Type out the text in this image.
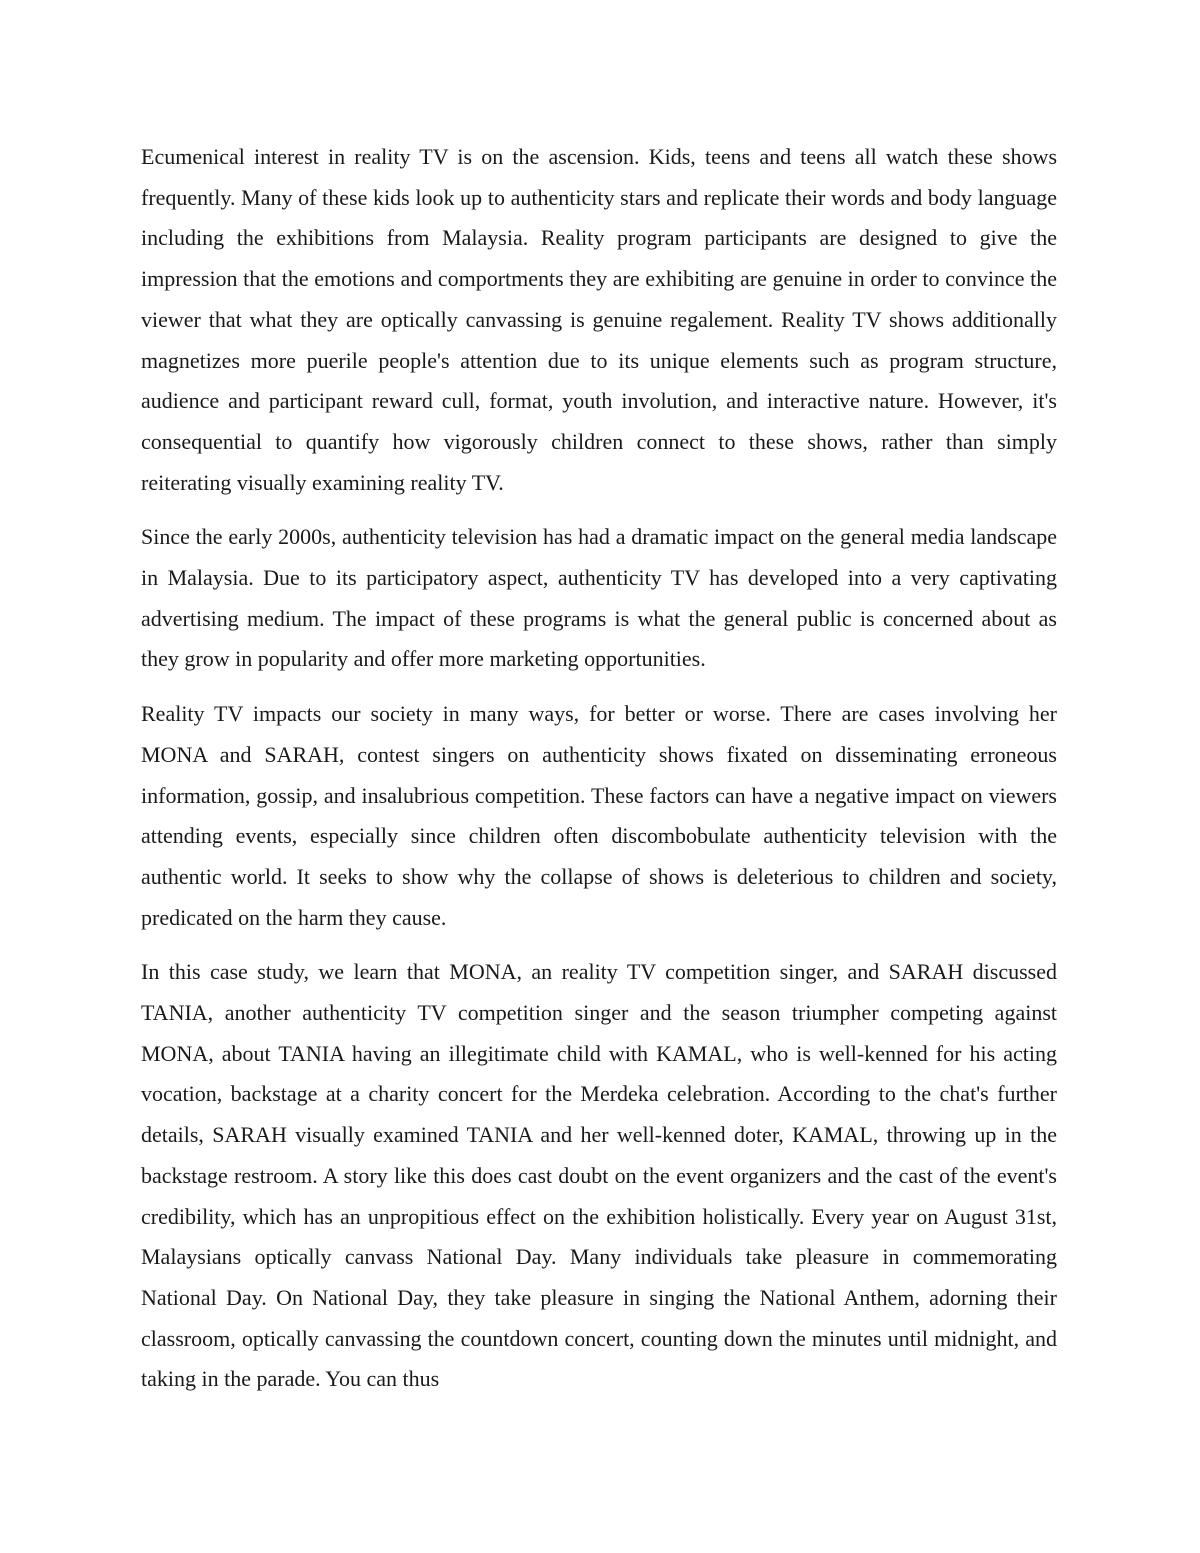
Ecumenical interest in reality TV is on the ascension. Kids, teens and teens all watch these shows frequently. Many of these kids look up to authenticity stars and replicate their words and body language including the exhibitions from Malaysia. Reality program participants are designed to give the impression that the emotions and comportments they are exhibiting are genuine in order to convince the viewer that what they are optically canvassing is genuine regalement. Reality TV shows additionally magnetizes more puerile people's attention due to its unique elements such as program structure, audience and participant reward cull, format, youth involution, and interactive nature. However, it's consequential to quantify how vigorously children connect to these shows, rather than simply reiterating visually examining reality TV.

Since the early 2000s, authenticity television has had a dramatic impact on the general media landscape in Malaysia. Due to its participatory aspect, authenticity TV has developed into a very captivating advertising medium. The impact of these programs is what the general public is concerned about as they grow in popularity and offer more marketing opportunities.

Reality TV impacts our society in many ways, for better or worse. There are cases involving her MONA and SARAH, contest singers on authenticity shows fixated on disseminating erroneous information, gossip, and insalubrious competition. These factors can have a negative impact on viewers attending events, especially since children often discombobulate authenticity television with the authentic world. It seeks to show why the collapse of shows is deleterious to children and society, predicated on the harm they cause.

In this case study, we learn that MONA, an reality TV competition singer, and SARAH discussed TANIA, another authenticity TV competition singer and the season triumpher competing against MONA, about TANIA having an illegitimate child with KAMAL, who is well-kenned for his acting vocation, backstage at a charity concert for the Merdeka celebration. According to the chat's further details, SARAH visually examined TANIA and her well-kenned doter, KAMAL, throwing up in the backstage restroom. A story like this does cast doubt on the event organizers and the cast of the event's credibility, which has an unpropitious effect on the exhibition holistically. Every year on August 31st, Malaysians optically canvass National Day. Many individuals take pleasure in commemorating National Day. On National Day, they take pleasure in singing the National Anthem, adorning their classroom, optically canvassing the countdown concert, counting down the minutes until midnight, and taking in the parade. You can thus
